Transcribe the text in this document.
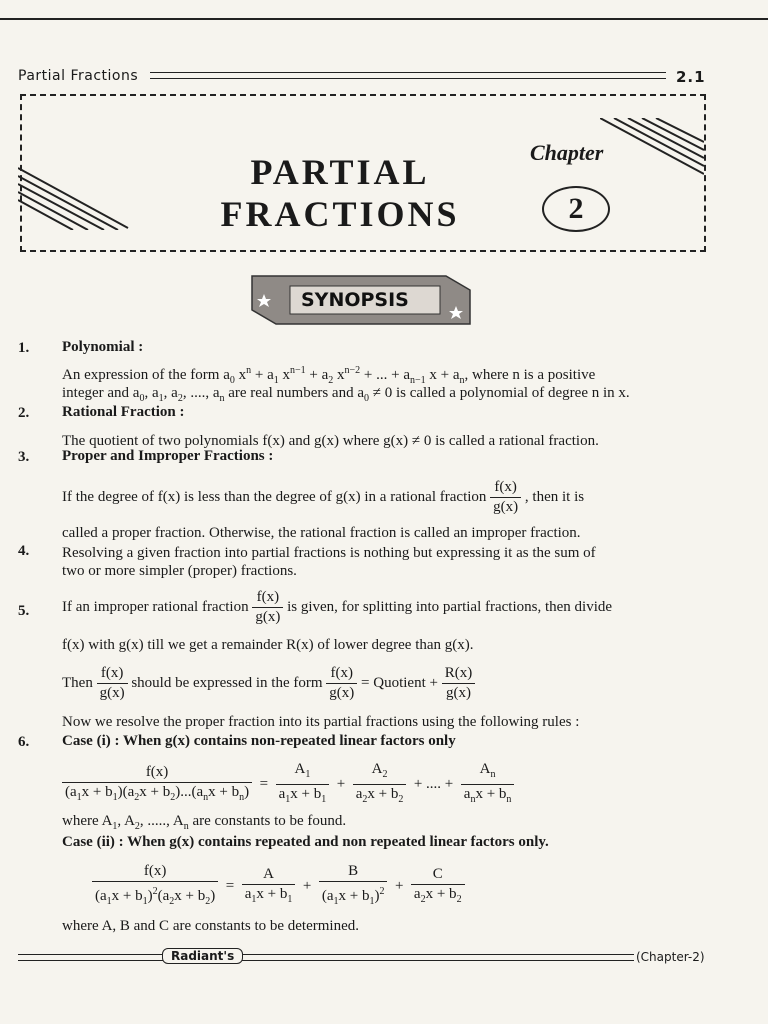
Partial Fractions	2.1
PARTIAL
FRACTIONS
Chapter
2
SYNOPSIS
1. Polynomial :
An expression of the form $a_0$ $x^n + a_1$ $x^{n-1} + a_2$ $x^{n-2}$ + ... + $a_{n-1}$ $x + a_n$, where n is a positive
integer and $a_0$, $a_1$, $a_2$, ...., $a_n$ are real numbers and $a_0 \ne 0$ is called a polynomial of degree n in x.
2. Rational Fraction :
The quotient of two polynomials f(x) and g(x) where g(x) ≠ 0 is called a rational fraction.
3. Proper and Improper Fractions :
If the degree of f(x) is less than the degree of g(x) in a rational fraction $\frac{f(x)}{g(x)}$ , then it is
called a proper fraction. Otherwise, the rational fraction is called an improper fraction.
4. Resolving a given fraction into partial fractions is nothing but expressing it as the sum of
two or more simpler (proper) fractions.
5. If an improper rational fraction $\frac{f(x)}{g(x)}$ is given, for splitting into partial fractions, then divide
f(x) with g(x) till we get a remainder R(x) of lower degree than g(x).
Then $\frac{f(x)}{g(x)}$ should be expressed in the form $\frac{f(x)}{g(x)}$ = Quotient + $\frac{R(x)}{g(x)}$
Now we resolve the proper fraction into its partial fractions using the following rules :
6. Case (i) : When g(x) contains non-repeated linear factors only
$\frac{f(x)}{(a_1x + b_1)(a_2x + b_2)...(a_nx + b_n)} = \frac{A_1}{a_1x + b_1} + \frac{A_2}{a_2x + b_2}$ + .... + $\frac{A_n}{a_nx + b_n}$
where $A_1$, $A_2$, ....., $A_n$ are constants to be found.
Case (ii) : When g(x) contains repeated and non repeated linear factors only.
$\frac{f(x)}{(a_1x + b_1)^2(a_2x + b_2)} = \frac{A}{a_1x + b_1} + \frac{B}{(a_1x + b_1)^2} + \frac{C}{a_2x + b_2}$
where A, B and C are constants to be determined.
Radiant's	(Chapter-2)
